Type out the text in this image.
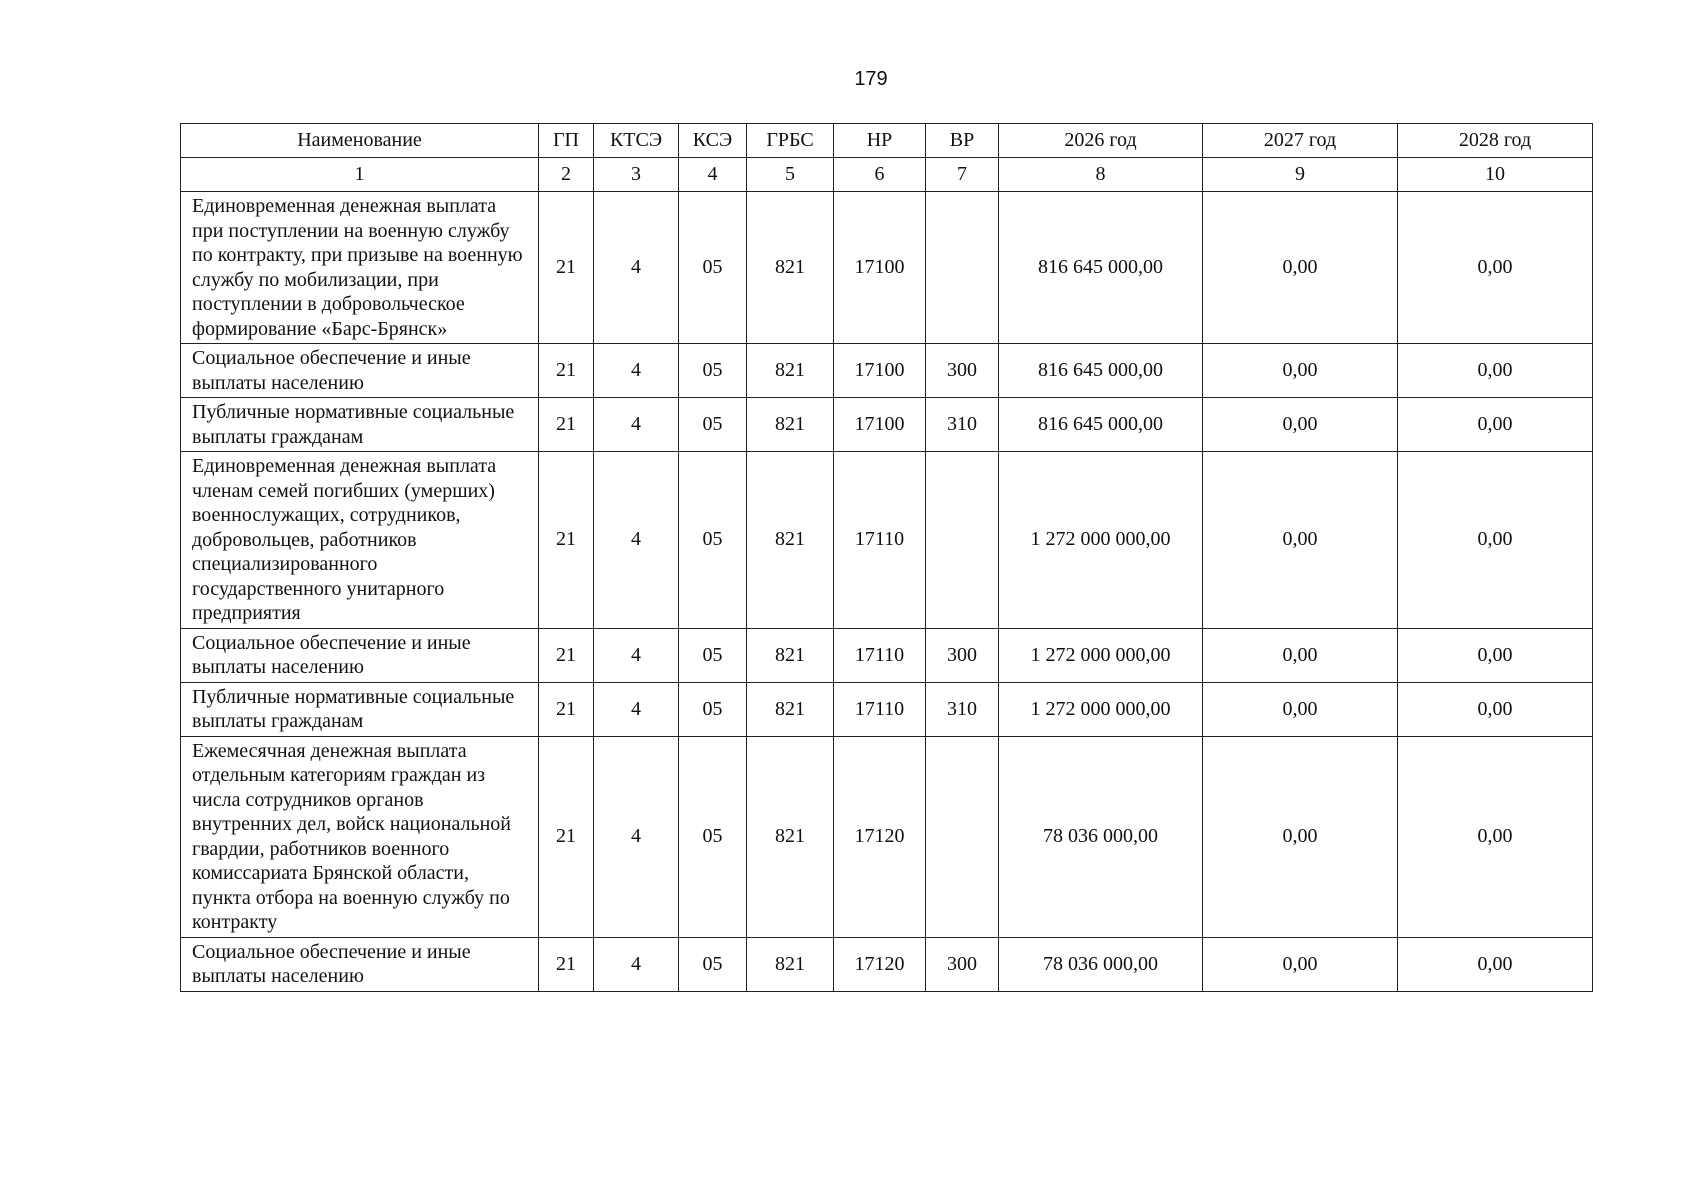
179
Наименование	ГП	КТСЭ	КСЭ	ГРБС	НР	ВР	2026 год	2027 год	2028 год
1	2	3	4	5	6	7	8	9	10
Единовременная денежная выплата при поступлении на военную службу по контракту, при призыве на военную службу по мобилизации, при поступлении в добровольческое формирование «Барс-Брянск»	21	4	05	821	17100		816 645 000,00	0,00	0,00
Социальное обеспечение и иные выплаты населению	21	4	05	821	17100	300	816 645 000,00	0,00	0,00
Публичные нормативные социальные выплаты гражданам	21	4	05	821	17100	310	816 645 000,00	0,00	0,00
Единовременная денежная выплата членам семей погибших (умерших) военнослужащих, сотрудников, добровольцев, работников специализированного государственного унитарного предприятия	21	4	05	821	17110		1 272 000 000,00	0,00	0,00
Социальное обеспечение и иные выплаты населению	21	4	05	821	17110	300	1 272 000 000,00	0,00	0,00
Публичные нормативные социальные выплаты гражданам	21	4	05	821	17110	310	1 272 000 000,00	0,00	0,00
Ежемесячная денежная выплата отдельным категориям граждан из числа сотрудников органов внутренних дел, войск национальной гвардии, работников военного комиссариата Брянской области, пункта отбора на военную службу по контракту	21	4	05	821	17120		78 036 000,00	0,00	0,00
Социальное обеспечение и иные выплаты населению	21	4	05	821	17120	300	78 036 000,00	0,00	0,00
